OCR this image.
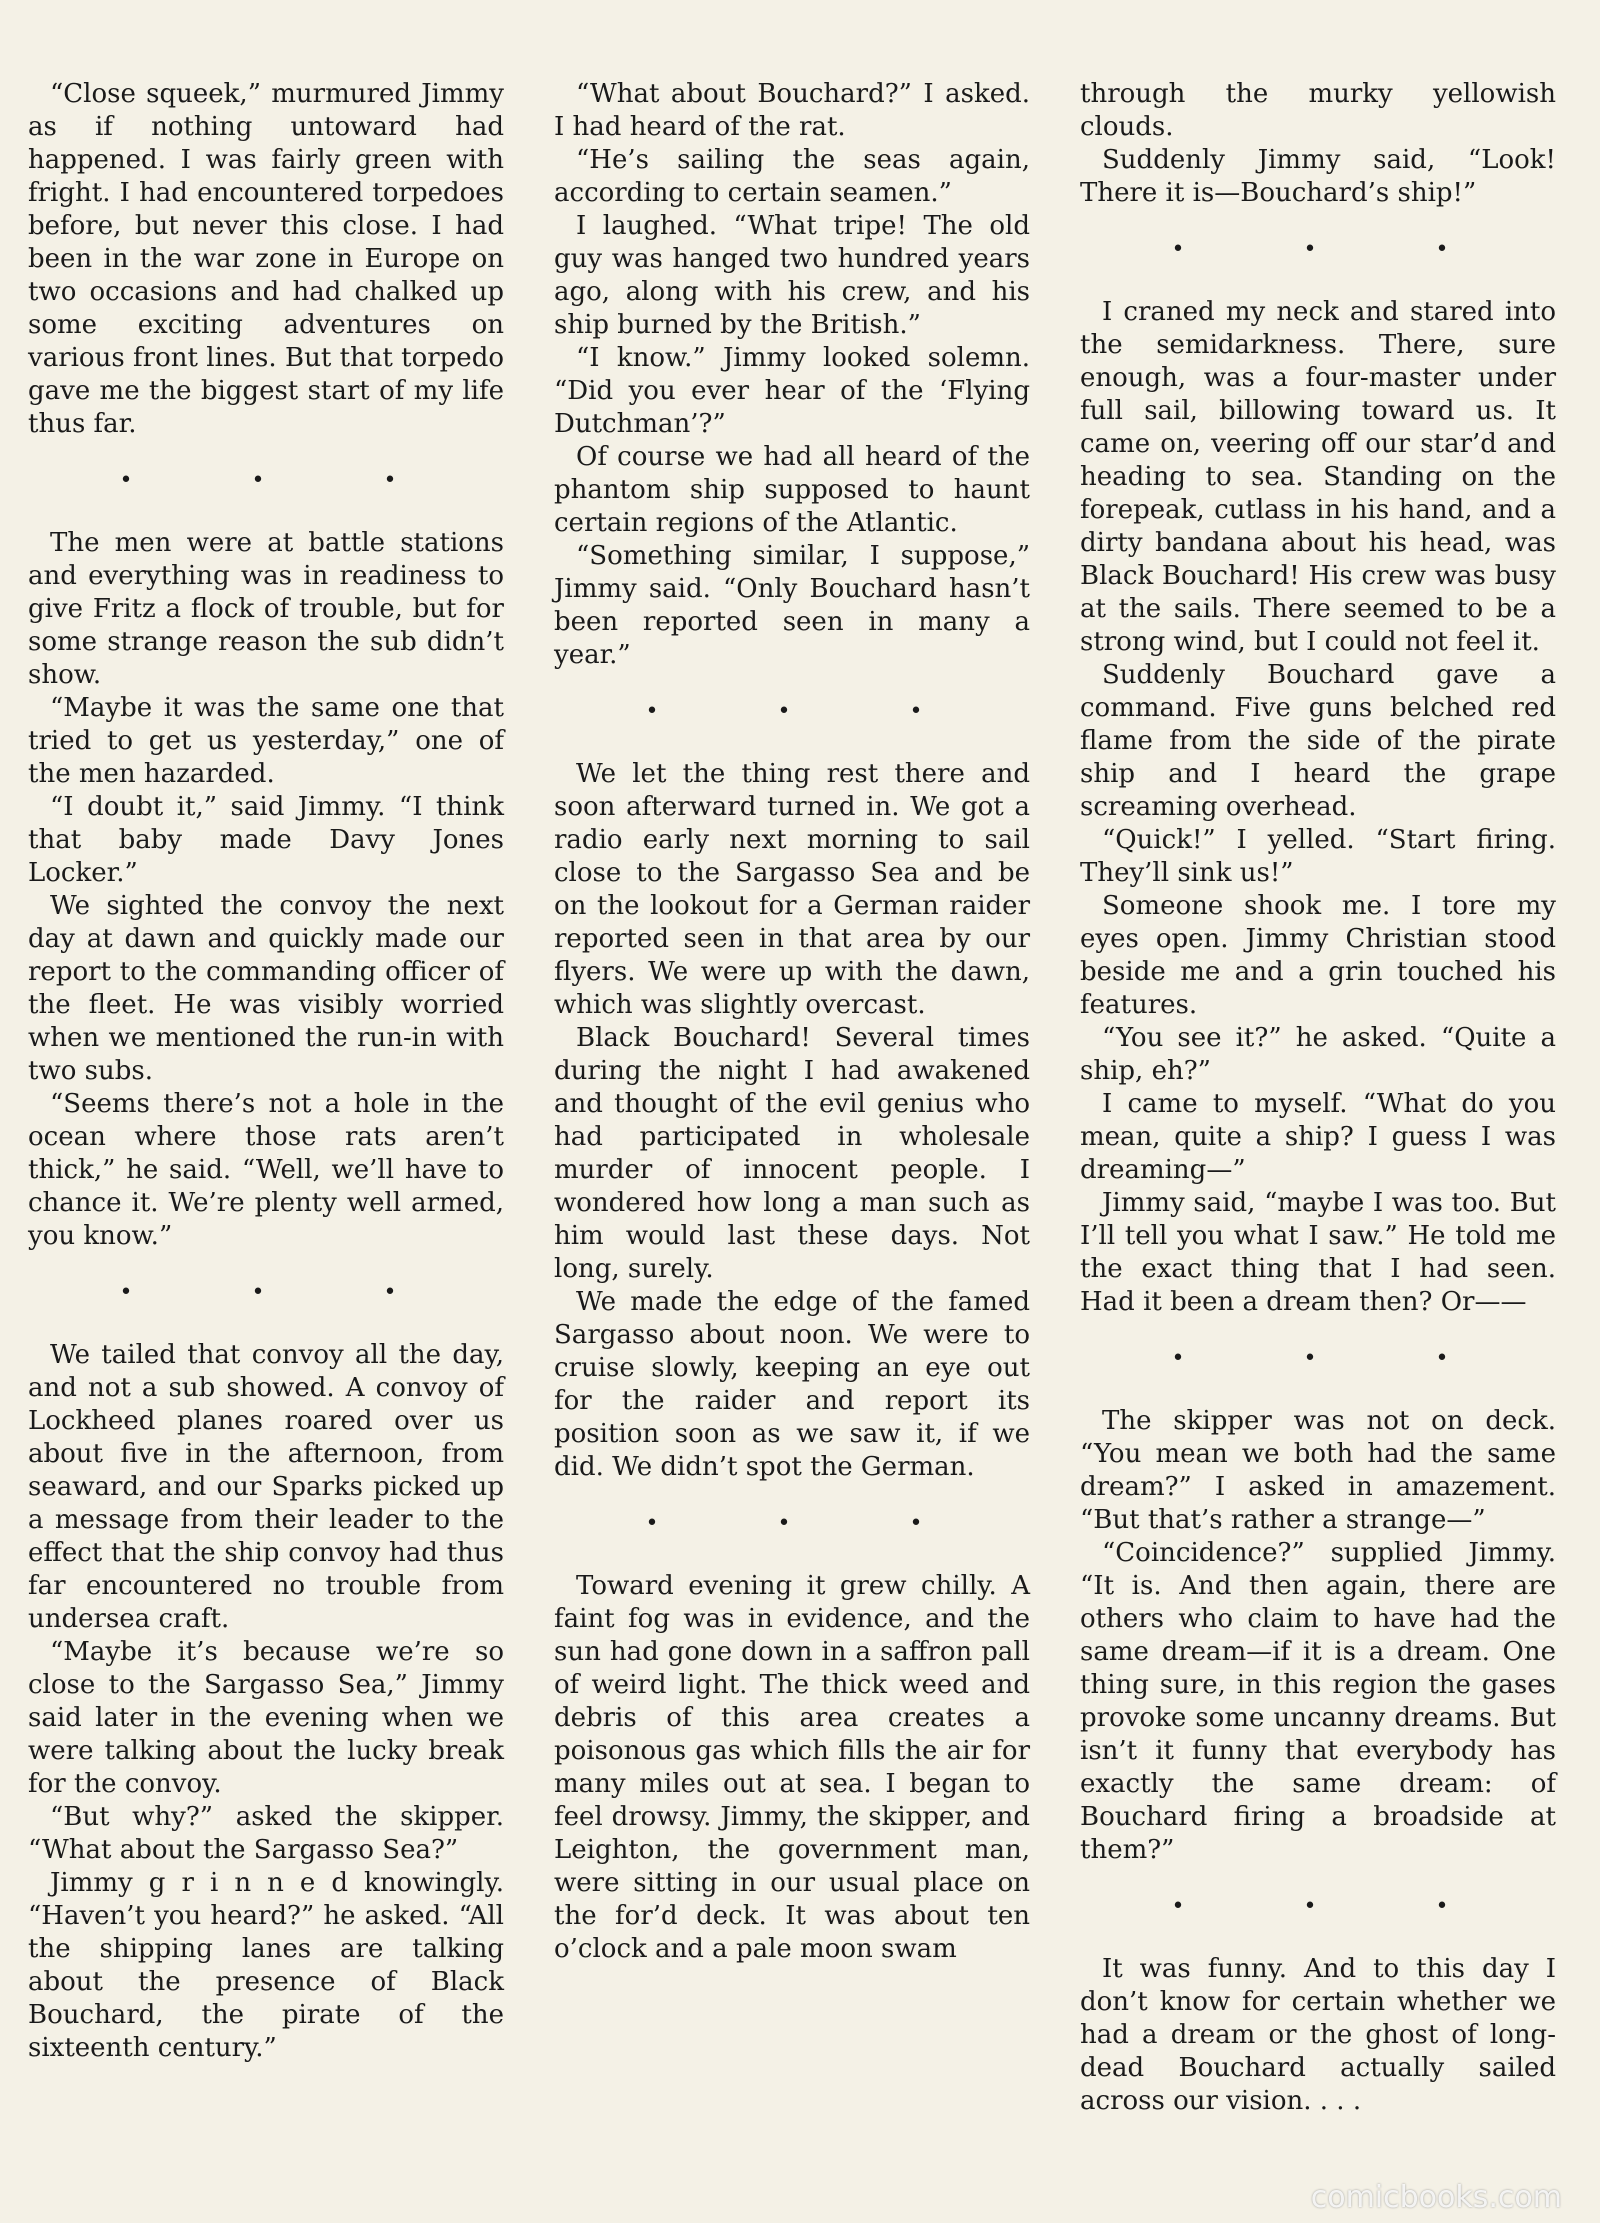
“Close squeek,” murmured Jimmy as if nothing untoward had happened. I was fairly green with fright. I had encountered torpedoes before, but never this close. I had been in the war zone in Europe on two occasions and had chalked up some exciting adventures on various front lines. But that torpedo gave me the biggest start of my life thus far.

• • •

The men were at battle stations and everything was in readiness to give Fritz a flock of trouble, but for some strange reason the sub didn’t show.

“Maybe it was the same one that tried to get us yesterday,” one of the men hazarded.

“I doubt it,” said Jimmy. “I think that baby made Davy Jones Locker.”

We sighted the convoy the next day at dawn and quickly made our report to the commanding officer of the fleet. He was visibly worried when we mentioned the run-in with two subs.

“Seems there’s not a hole in the ocean where those rats aren’t thick,” he said. “Well, we’ll have to chance it. We’re plenty well armed, you know.”

• • •

We tailed that convoy all the day, and not a sub showed. A convoy of Lockheed planes roared over us about five in the afternoon, from seaward, and our Sparks picked up a message from their leader to the effect that the ship convoy had thus far encountered no trouble from undersea craft.

“Maybe it’s because we’re so close to the Sargasso Sea,” Jimmy said later in the evening when we were talking about the lucky break for the convoy.

“But why?” asked the skipper. “What about the Sargasso Sea?”

Jimmy g r i n n e d knowingly. “Haven’t you heard?” he asked. “All the shipping lanes are talking about the presence of Black Bouchard, the pirate of the sixteenth century.”

“What about Bouchard?” I asked. I had heard of the rat.

“He’s sailing the seas again, according to certain seamen.”

I laughed. “What tripe! The old guy was hanged two hundred years ago, along with his crew, and his ship burned by the British.”

“I know.” Jimmy looked solemn. “Did you ever hear of the ‘Flying Dutchman’?”

Of course we had all heard of the phantom ship supposed to haunt certain regions of the Atlantic.

“Something similar, I suppose,” Jimmy said. “Only Bouchard hasn’t been reported seen in many a year.”

• • •

We let the thing rest there and soon afterward turned in. We got a radio early next morning to sail close to the Sargasso Sea and be on the lookout for a German raider reported seen in that area by our flyers. We were up with the dawn, which was slightly overcast.

Black Bouchard! Several times during the night I had awakened and thought of the evil genius who had participated in wholesale murder of innocent people. I wondered how long a man such as him would last these days. Not long, surely.

We made the edge of the famed Sargasso about noon. We were to cruise slowly, keeping an eye out for the raider and report its position soon as we saw it, if we did. We didn’t spot the German.

• • •

Toward evening it grew chilly. A faint fog was in evidence, and the sun had gone down in a saffron pall of weird light. The thick weed and debris of this area creates a poisonous gas which fills the air for many miles out at sea. I began to feel drowsy. Jimmy, the skipper, and Leighton, the government man, were sitting in our usual place on the for’d deck. It was about ten o’clock and a pale moon swam

through the murky yellowish clouds.

Suddenly Jimmy said, “Look! There it is—Bouchard’s ship!”

• • •

I craned my neck and stared into the semidarkness. There, sure enough, was a four-master under full sail, billowing toward us. It came on, veering off our star’d and heading to sea. Standing on the forepeak, cutlass in his hand, and a dirty bandana about his head, was Black Bouchard! His crew was busy at the sails. There seemed to be a strong wind, but I could not feel it.

Suddenly Bouchard gave a command. Five guns belched red flame from the side of the pirate ship and I heard the grape screaming overhead.

“Quick!” I yelled. “Start firing. They’ll sink us!”

Someone shook me. I tore my eyes open. Jimmy Christian stood beside me and a grin touched his features.

“You see it?” he asked. “Quite a ship, eh?”

I came to myself. “What do you mean, quite a ship? I guess I was dreaming—”

Jimmy said, “maybe I was too. But I’ll tell you what I saw.” He told me the exact thing that I had seen. Had it been a dream then? Or——

• • •

The skipper was not on deck. “You mean we both had the same dream?” I asked in amazement. “But that’s rather a strange—”

“Coincidence?” supplied Jimmy. “It is. And then again, there are others who claim to have had the same dream—if it is a dream. One thing sure, in this region the gases provoke some uncanny dreams. But isn’t it funny that everybody has exactly the same dream: of Bouchard firing a broadside at them?”

• • •

It was funny. And to this day I don’t know for certain whether we had a dream or the ghost of long-dead Bouchard actually sailed across our vision. . . .

comicbooks.com
